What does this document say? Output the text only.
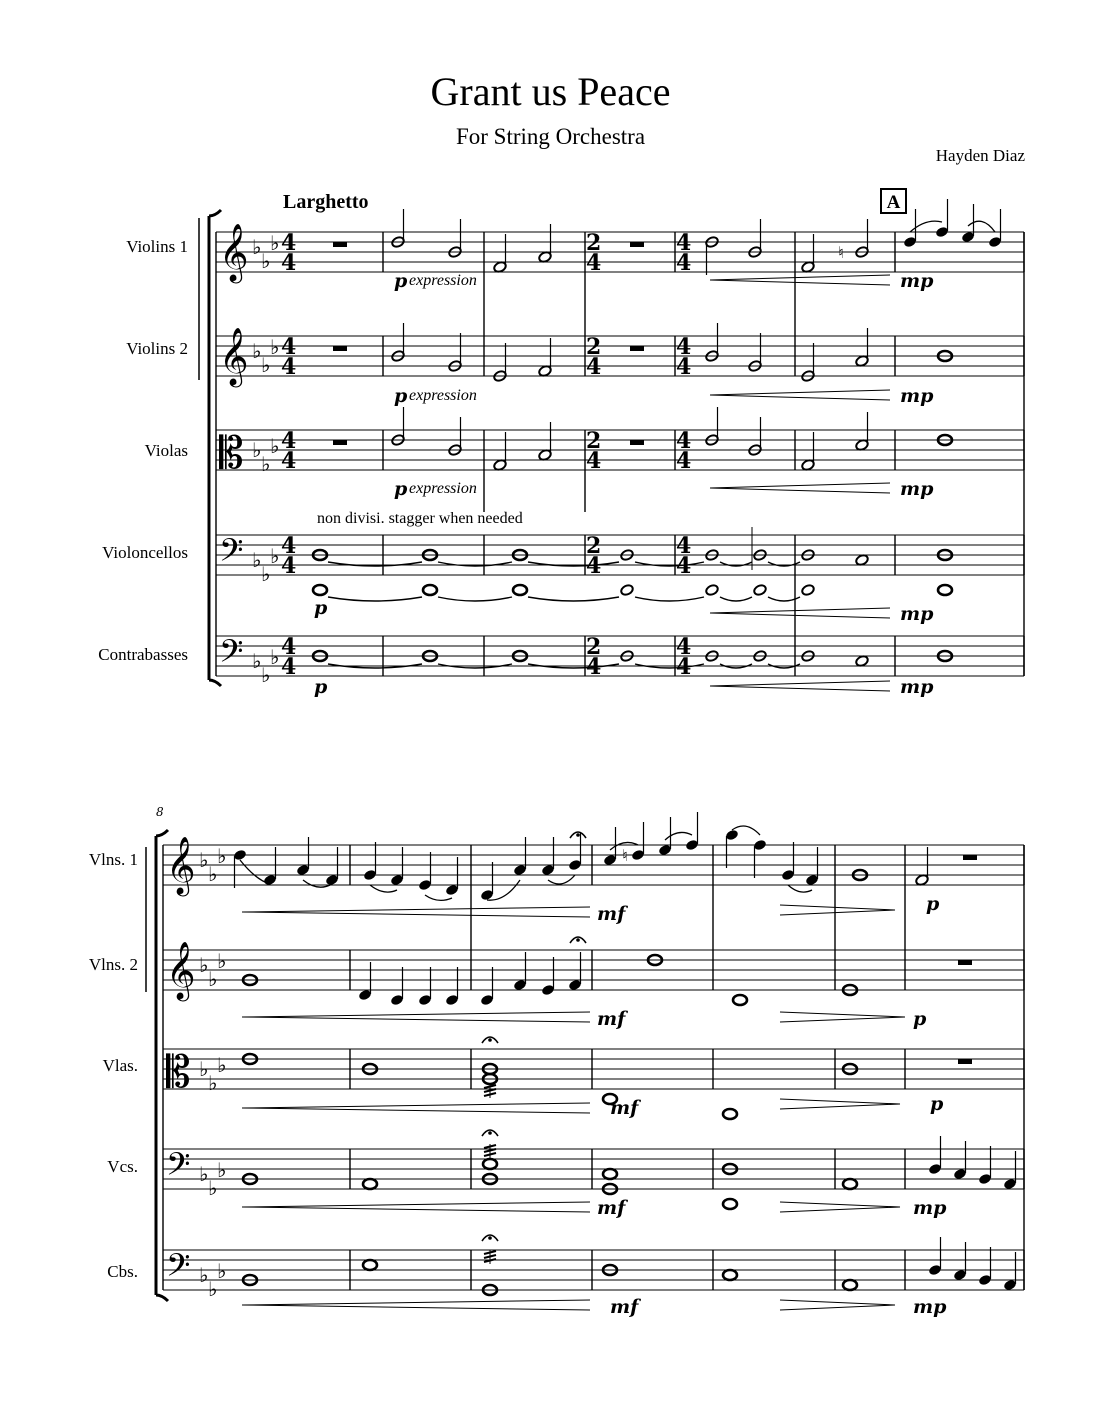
Grant us Peace
For String Orchestra
Hayden Diaz
Larghetto	A
8
Violins 1
Violins 2
Violas
Violoncellos
Contrabasses
Vlns. 1
Vlns. 2
Vlas.
Vcs.
Cbs.
non divisi. stagger when needed
p expression	mp
p expression	mp
p expression	mp
p	mp
p	mp
mf	p
mf	p
mf	p
mf	mp
mf	mp
𝄞 ♭
♭
♭ 4
4
2
4
4
4
𝄞 ♭
♭
♭ 4
4
2
4
4
4
𝄡 ♭
♭
♭ 4
4
2
4
4
4
𝄢 ♭
♭
♭ 4
4
2
4
4
4
𝄢 ♭
♭
♭ 4
4
2
4
4
4
♮
𝄞 ♭
♭
♭
𝄞 ♭
♭
♭
𝄡 ♭
♭
♭
𝄢 ♭
♭
♭
𝄢 ♭
♭
♭
♮
